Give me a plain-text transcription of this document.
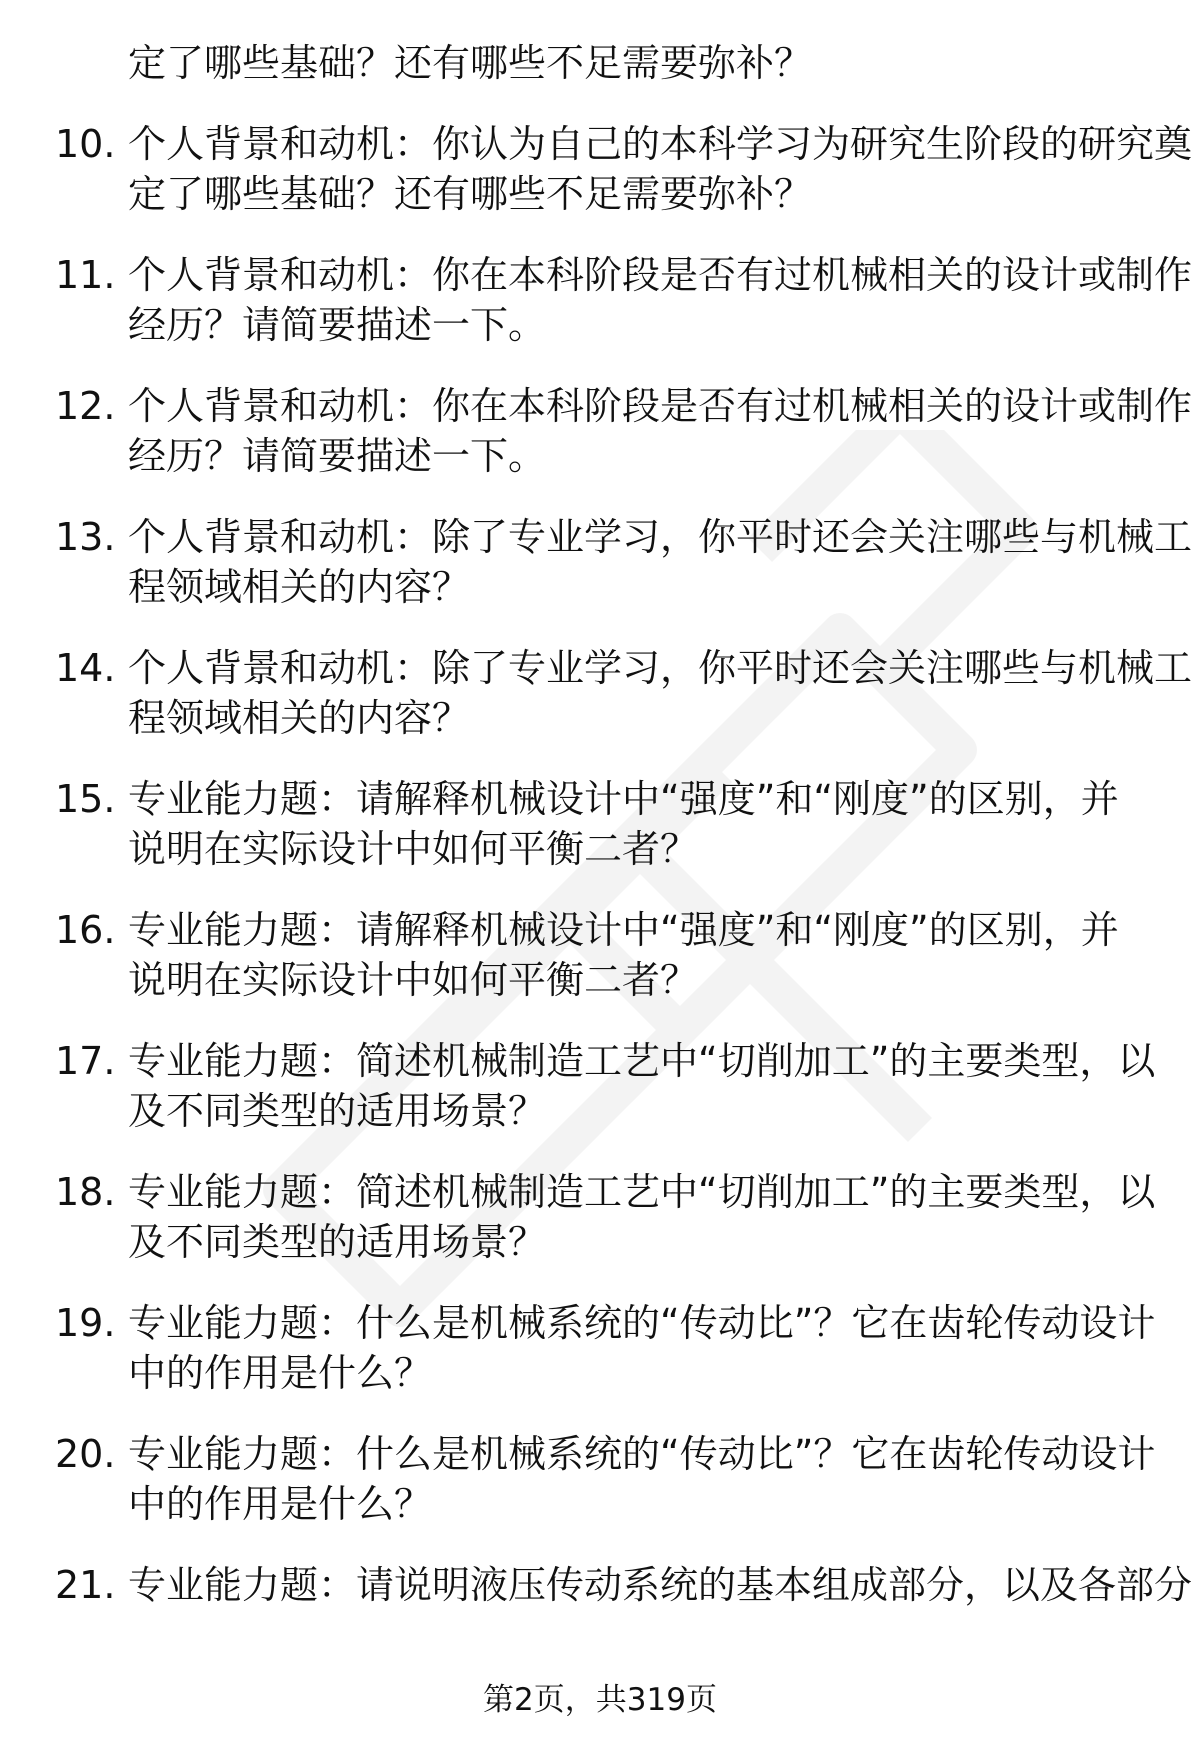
定了哪些基础？还有哪些不足需要弥补？
10. 个人背景和动机：你认为自己的本科学习为研究生阶段的研究奠
定了哪些基础？还有哪些不足需要弥补？
11. 个人背景和动机：你在本科阶段是否有过机械相关的设计或制作
经历？请简要描述一下。
12. 个人背景和动机：你在本科阶段是否有过机械相关的设计或制作
经历？请简要描述一下。
13. 个人背景和动机：除了专业学习，你平时还会关注哪些与机械工
程领域相关的内容？
14. 个人背景和动机：除了专业学习，你平时还会关注哪些与机械工
程领域相关的内容？
15. 专业能力题：请解释机械设计中“强度”和“刚度”的区别，并
说明在实际设计中如何平衡二者？
16. 专业能力题：请解释机械设计中“强度”和“刚度”的区别，并
说明在实际设计中如何平衡二者？
17. 专业能力题：简述机械制造工艺中“切削加工”的主要类型，以
及不同类型的适用场景？
18. 专业能力题：简述机械制造工艺中“切削加工”的主要类型，以
及不同类型的适用场景？
19. 专业能力题：什么是机械系统的“传动比”？它在齿轮传动设计
中的作用是什么？
20. 专业能力题：什么是机械系统的“传动比”？它在齿轮传动设计
中的作用是什么？
21. 专业能力题：请说明液压传动系统的基本组成部分，以及各部分
第2页，共319页
